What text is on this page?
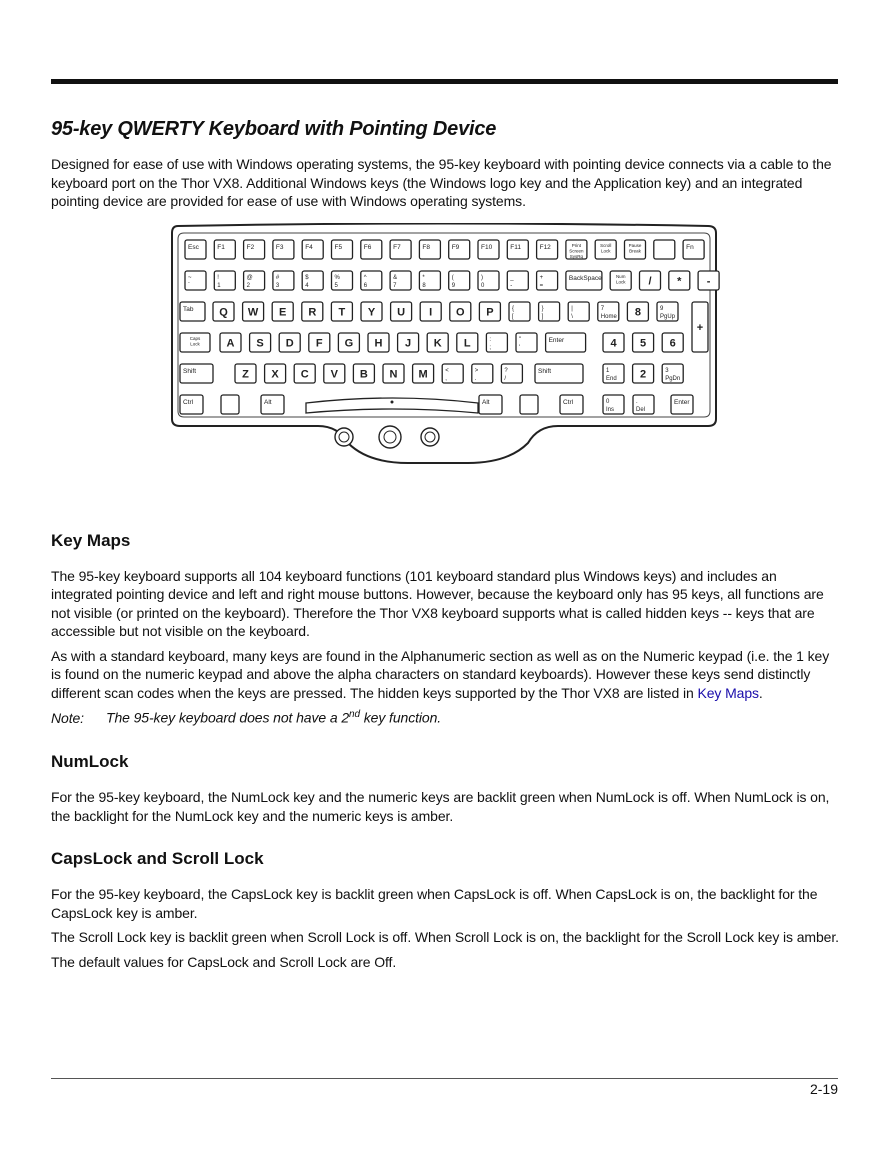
95-key QWERTY Keyboard with Pointing Device

Designed for ease of use with Windows operating systems, the 95-key keyboard with pointing device connects via a cable to the keyboard port on the Thor VX8. Additional Windows keys (the Windows logo key and the Application key) and an integrated pointing device are provided for ease of use with Windows operating systems.

Esc	F1	F2	F3	F4	F5	F6	F7	F8	F9	F10	F11	F12	Print
Screen
SysRq
Scroll
Lock
Pause
Break	Fn
~
`
!
1
@
2
#
3
$
4
%
5
^
6
&
7
*
8
(
9
)
0
_
-
+
=
BackSpace	Num
Lock / * -
Tab Q W E R T Y U I O P	{
[
}
]
|
\
7
Home 8	9
PgUp
+
Caps
Lock A S D F G H J K L	:
;
"
'
Enter	4 5 6
Shift	Z X C V B N M	<
,
>
.
?
/
Shift	1
End 2	3
PgDn
Ctrl	Alt	Alt	Ctrl	0
Ins
.
Del
Enter
Key Maps

The 95-key keyboard supports all 104 keyboard functions (101 keyboard standard plus Windows keys) and includes an integrated pointing device and left and right mouse buttons. However, because the keyboard only has 95 keys, all functions are not visible (or printed on the keyboard). Therefore the Thor VX8 keyboard supports what is called hidden keys -- keys that are accessible but not visible on the keyboard.

As with a standard keyboard, many keys are found in the Alphanumeric section as well as on the Numeric keypad (i.e. the 1 key is found on the numeric keypad and above the alpha characters on standard keyboards). However these keys send distinctly different scan codes when the keys are pressed. The hidden keys supported by the Thor VX8 are listed in Key Maps.

Note: The 95-key keyboard does not have a 2nd key function.

NumLock

For the 95-key keyboard, the NumLock key and the numeric keys are backlit green when NumLock is off. When NumLock is on, the backlight for the NumLock key and the numeric keys is amber.

CapsLock and Scroll Lock

For the 95-key keyboard, the CapsLock key is backlit green when CapsLock is off. When CapsLock is on, the backlight for the CapsLock key is amber.

The Scroll Lock key is backlit green when Scroll Lock is off. When Scroll Lock is on, the backlight for the Scroll Lock key is amber.

The default values for CapsLock and Scroll Lock are Off.

2-19
